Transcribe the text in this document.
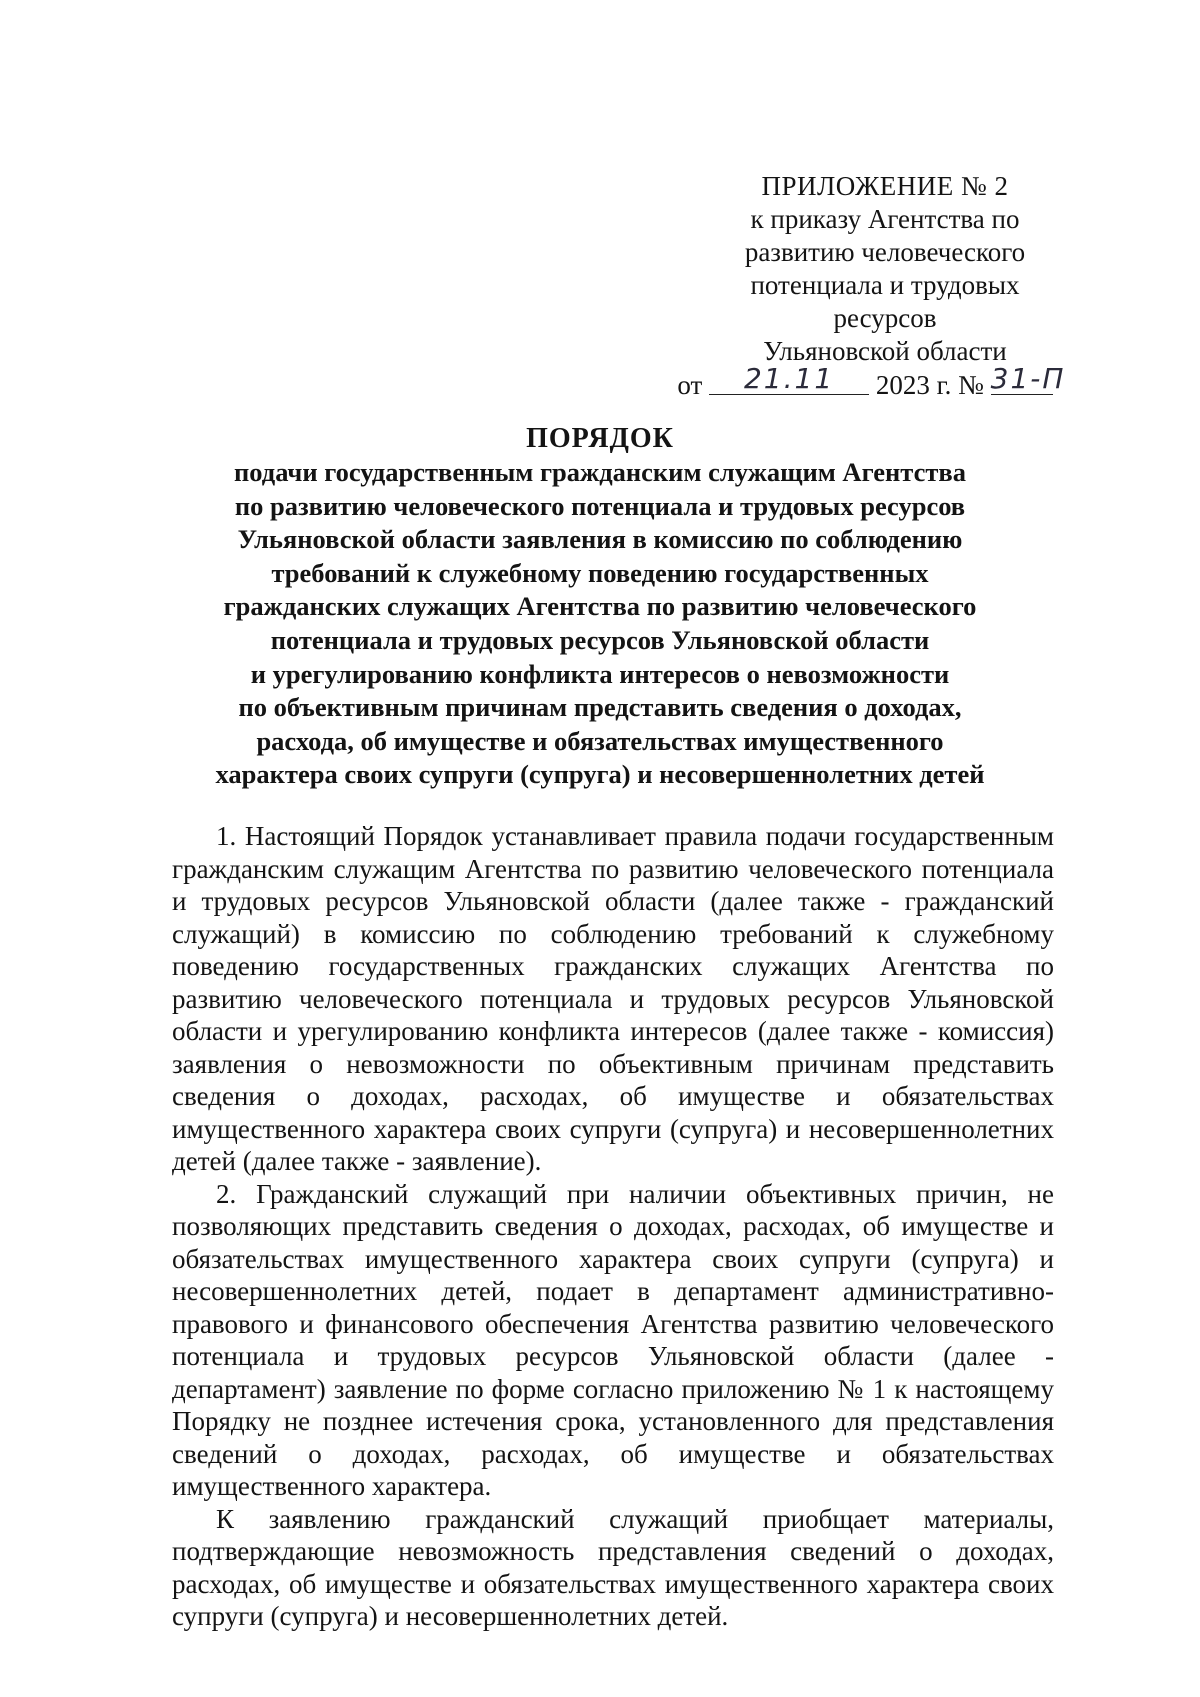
ПРИЛОЖЕНИЕ № 2
к приказу Агентства по
развитию человеческого
потенциала и трудовых
ресурсов
Ульяновской области
от 21.11 2023 г. № 31-П
ПОРЯДОК
подачи государственным гражданским служащим Агентства
по развитию человеческого потенциала и трудовых ресурсов
Ульяновской области заявления в комиссию по соблюдению
требований к служебному поведению государственных
гражданских служащих Агентства по развитию человеческого
потенциала и трудовых ресурсов Ульяновской области
и урегулированию конфликта интересов о невозможности
по объективным причинам представить сведения о доходах,
расхода, об имуществе и обязательствах имущественного
характера своих супруги (супруга) и несовершеннолетних детей

1. Настоящий Порядок устанавливает правила подачи государственным гражданским служащим Агентства по развитию человеческого потенциала и трудовых ресурсов Ульяновской области (далее также - гражданский служащий) в комиссию по соблюдению требований к служебному поведению государственных гражданских служащих Агентства по развитию человеческого потенциала и трудовых ресурсов Ульяновской области и урегулированию конфликта интересов (далее также - комиссия) заявления о невозможности по объективным причинам представить сведения о доходах, расходах, об имуществе и обязательствах имущественного характера своих супруги (супруга) и несовершеннолетних детей (далее также - заявление).

2. Гражданский служащий при наличии объективных причин, не позволяющих представить сведения о доходах, расходах, об имуществе и обязательствах имущественного характера своих супруги (супруга) и несовершеннолетних детей, подает в департамент административно-правового и финансового обеспечения Агентства развитию человеческого потенциала и трудовых ресурсов Ульяновской области (далее - департамент) заявление по форме согласно приложению № 1 к настоящему Порядку не позднее истечения срока, установленного для представления сведений о доходах, расходах, об имуществе и обязательствах имущественного характера.

К заявлению гражданский служащий приобщает материалы, подтверждающие невозможность представления сведений о доходах, расходах, об имуществе и обязательствах имущественного характера своих супруги (супруга) и несовершеннолетних детей.
